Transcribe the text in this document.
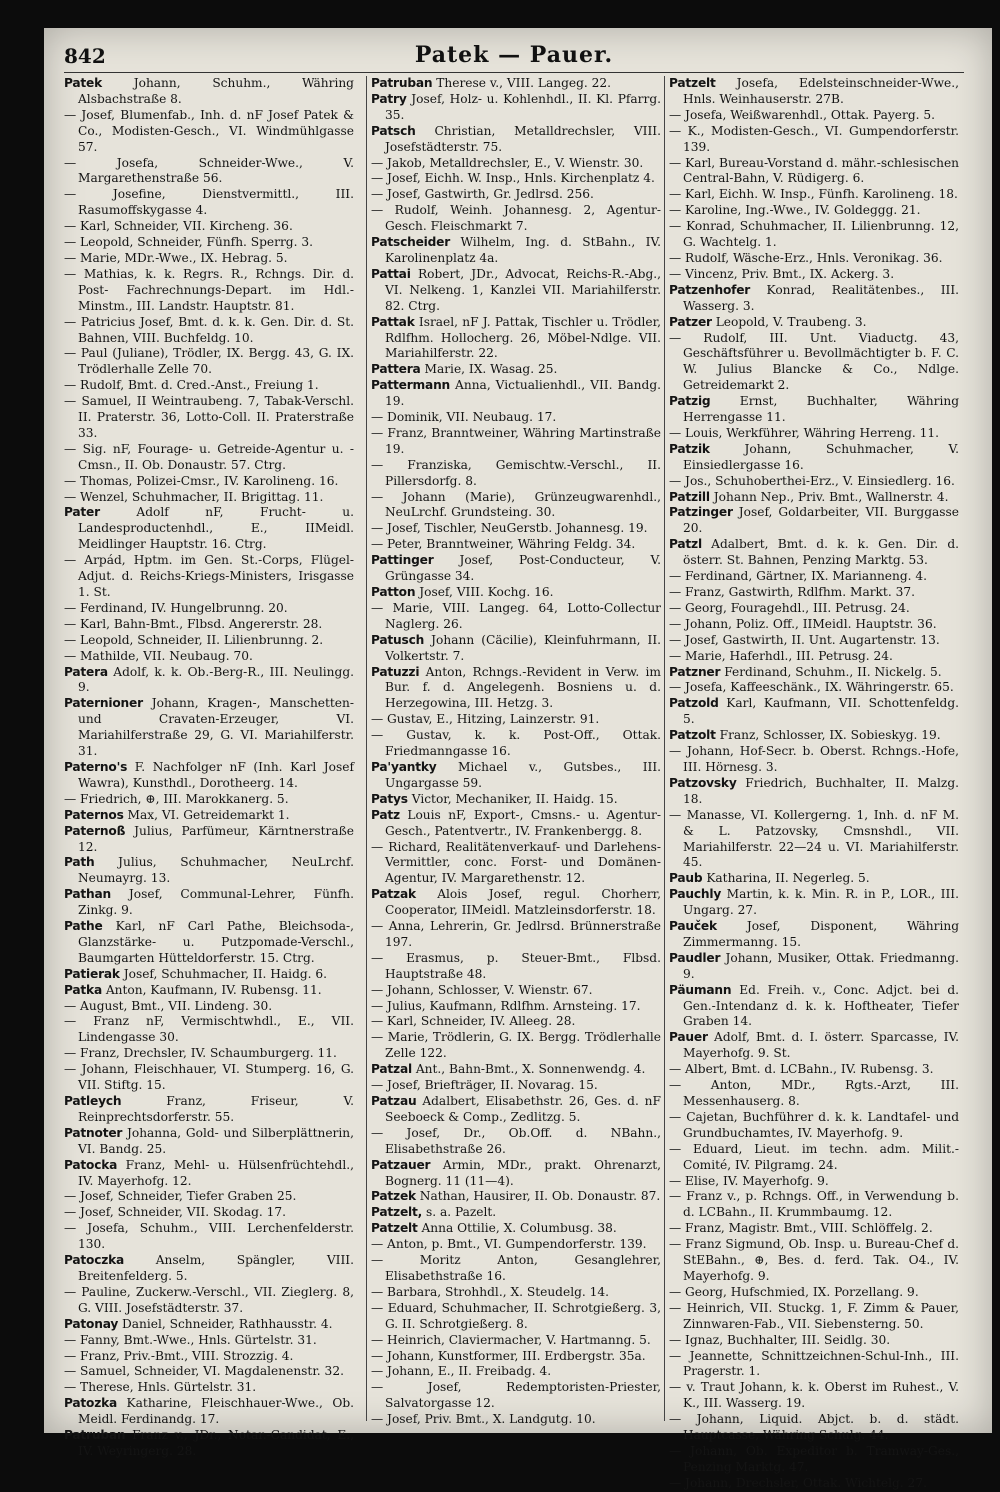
842	Patek — Pauer.

Patek	Johann, Schuhm., Währing Alsbachstraße 8.

— Josef, Blumenfab., Inh. d. nF Josef Patek & Co., Modisten-Gesch., VI. Windmühlgasse 57.

— Josefa, Schneider-Wwe., V. Margarethenstraße 56.

— Josefine, Dienstvermittl., III. Rasumoffskygasse 4.

— Karl, Schneider, VII. Kircheng. 36.

— Leopold, Schneider, Fünfh. Sperrg. 3.

— Marie, MDr.-Wwe., IX. Hebrag. 5.

— Mathias, k. k. Regrs. R., Rchngs. Dir. d. Post- Fachrechnungs-Depart. im Hdl.-Minstm., III. Landstr. Hauptstr. 81.

— Patricius Josef, Bmt. d. k. k. Gen. Dir. d. St. Bahnen, VIII. Buchfeldg. 10.

— Paul (Juliane), Trödler, IX. Bergg. 43, G. IX. Trödlerhalle Zelle 70.

— Rudolf, Bmt. d. Cred.-Anst., Freiung 1.

— Samuel, II Weintraubeng. 7, Tabak-Verschl. II. Praterstr. 36, Lotto-Coll. II. Praterstraße 33.

— Sig. nF, Fourage- u. Getreide-Agentur u. -Cmsn., II. Ob. Donaustr. 57. Ctrg.

— Thomas, Polizei-Cmsr., IV. Karolineng. 16.

— Wenzel, Schuhmacher, II. Brigittag. 11.

Pater	Adolf nF, Frucht- u. Landesproductenhdl., E., IIMeidl. Meidlinger Hauptstr. 16. Ctrg.

— Arpád, Hptm. im Gen. St.-Corps, Flügel-Adjut. d. Reichs-Kriegs-Ministers, Irisgasse 1. St.

— Ferdinand, IV. Hungelbrunng. 20.

— Karl, Bahn-Bmt., Flbsd. Angererstr. 28.

— Leopold, Schneider, II. Lilienbrunng. 2.

— Mathilde, VII. Neubaug. 70.

Patera Adolf, k. k. Ob.-Berg-R., III. Neulingg. 9.

Paternioner Johann, Kragen-, Manschetten- und Cravaten-Erzeuger, VI. Mariahilferstraße 29, G. VI. Mariahilferstr. 31.

Paterno's F. Nachfolger nF (Inh. Karl Josef Wawra), Kunsthdl., Dorotheerg. 14.

— Friedrich, ⊕, III. Marokkanerg. 5.

Paternos Max, VI. Getreidemarkt 1.

Paternoß Julius, Parfümeur, Kärntnerstraße 12.

Path Julius, Schuhmacher, NeuLrchf. Neumayrg. 13.

Pathan Josef, Communal-Lehrer, Fünfh. Zinkg. 9.

Pathe Karl, nF Carl Pathe, Bleichsoda-, Glanzstärke- u. Putzpomade-Verschl., Baumgarten Hütteldorferstr. 15. Ctrg.

Patierak Josef, Schuhmacher, II. Haidg. 6.

Patka Anton, Kaufmann, IV. Rubensg. 11.

— August, Bmt., VII. Lindeng. 30.

— Franz nF, Vermischtwhdl., E., VII. Lindengasse 30.

— Franz, Drechsler, IV. Schaumburgerg. 11.

— Johann, Fleischhauer, VI. Stumperg. 16, G. VII. Stiftg. 15.

Patleych	Franz, Friseur, V. Reinprechtsdorferstr. 55.

Patnoter Johanna, Gold- und Silberplättnerin, VI. Bandg. 25.

Patocka Franz, Mehl- u. Hülsenfrüchtehdl., IV. Mayerhofg. 12.

— Josef, Schneider, Tiefer Graben 25.

— Josef, Schneider, VII. Skodag. 17.

— Josefa, Schuhm., VIII. Lerchenfelderstr. 130.

Patoczka	Anselm, Spängler, VIII. Breitenfelderg. 5.

— Pauline, Zuckerw.-Verschl., VII. Zieglerg. 8, G. VIII. Josefstädterstr. 37.

Patonay Daniel, Schneider, Rathhausstr. 4.

— Fanny, Bmt.-Wwe., Hnls. Gürtelstr. 31.

— Franz, Priv.-Bmt., VIII. Strozzig. 4.

— Samuel, Schneider, VI. Magdalenenstr. 32.

— Therese, Hnls. Gürtelstr. 31.

Patozka Katharine, Fleischhauer-Wwe., Ob. Meidl. Ferdinandg. 17.

Patruban Franz v., JDr., Notar.-Candidat, E., IV. Weyringerg. 28.

Patruban Therese v., VIII. Langeg. 22.

Patry Josef, Holz- u. Kohlenhdl., II. Kl. Pfarrg. 35.

Patsch Christian, Metalldrechsler, VIII. Josefstädterstr. 75.

— Jakob, Metalldrechsler, E., V. Wienstr. 30.

— Josef, Eichh. W. Insp., Hnls. Kirchenplatz 4.

— Josef, Gastwirth, Gr. Jedlrsd. 256.

— Rudolf, Weinh. Johannesg. 2, Agentur-Gesch. Fleischmarkt 7.

Patscheider Wilhelm, Ing. d. StBahn., IV. Karolinenplatz 4a.

Pattai Robert, JDr., Advocat, Reichs-R.-Abg., VI. Nelkeng. 1, Kanzlei VII. Mariahilferstr. 82. Ctrg.

Pattak Israel, nF J. Pattak, Tischler u. Trödler, Rdlfhm. Hollocherg. 26, Möbel-Ndlge. VII. Mariahilferstr. 22.

Pattera Marie, IX. Wasag. 25.

Pattermann Anna, Victualienhdl., VII. Bandg. 19.

— Dominik, VII. Neubaug. 17.

— Franz, Branntweiner, Währing Martinstraße 19.

— Franziska, Gemischtw.-Verschl., II. Pillersdorfg. 8.

— Johann (Marie), Grünzeugwarenhdl., NeuLrchf. Grundsteing. 30.

— Josef, Tischler, NeuGerstb. Johannesg. 19.

— Peter, Branntweiner, Währing Feldg. 34.

Pattinger Josef, Post-Conducteur, V. Grüngasse 34.

Patton Josef, VIII. Kochg. 16.

— Marie, VIII. Langeg. 64, Lotto-Collectur Naglerg. 26.

Patusch Johann (Cäcilie), Kleinfuhrmann, II. Volkertstr. 7.

Patuzzi Anton, Rchngs.-Revident in Verw. im Bur. f. d. Angelegenh. Bosniens u. d. Herzegowina, III. Hetzg. 3.

— Gustav, E., Hitzing, Lainzerstr. 91.

— Gustav, k. k. Post-Off., Ottak. Friedmanngasse 16.

Pa'yantky Michael v., Gutsbes., III. Ungargasse 59.

Patys Victor, Mechaniker, II. Haidg. 15.

Patz Louis nF, Export-, Cmsns.- u. Agentur-Gesch., Patentvertr., IV. Frankenbergg. 8.

— Richard, Realitätenverkauf- und Darlehens-Vermittler, conc. Forst- und Domänen-Agentur, IV. Margarethenstr. 12.

Patzak Alois Josef, regul. Chorherr, Cooperator, IIMeidl. Matzleinsdorferstr. 18.

— Anna, Lehrerin, Gr. Jedlrsd. Brünnerstraße 197.

— Erasmus, p. Steuer-Bmt., Flbsd. Hauptstraße 48.

— Johann, Schlosser, V. Wienstr. 67.

— Julius, Kaufmann, Rdlfhm. Arnsteing. 17.

— Karl, Schneider, IV. Alleeg. 28.

— Marie, Trödlerin, G. IX. Bergg. Trödlerhalle Zelle 122.

Patzal Ant., Bahn-Bmt., X. Sonnenwendg. 4.

— Josef, Briefträger, II. Novarag. 15.

Patzau Adalbert, Elisabethstr. 26, Ges. d. nF Seeboeck & Comp., Zedlitzg. 5.

— Josef, Dr., Ob.Off. d. NBahn., Elisabethstraße 26.

Patzauer Armin, MDr., prakt. Ohrenarzt, Bognerg. 11 (11—4).

Patzek Nathan, Hausirer, II. Ob. Donaustr. 87.

Patzelt, s. a. Pazelt.

Patzelt Anna Ottilie, X. Columbusg. 38.

— Anton, p. Bmt., VI. Gumpendorferstr. 139.

— Moritz Anton, Gesanglehrer, Elisabethstraße 16.

— Barbara, Strohhdl., X. Steudelg. 14.

— Eduard, Schuhmacher, II. Schrotgießerg. 3, G. II. Schrotgießerg. 8.

— Heinrich, Claviermacher, V. Hartmanng. 5.

— Johann, Kunstformer, III. Erdbergstr. 35a.

— Johann, E., II. Freibadg. 4.

— Josef, Redemptoristen-Priester, Salvatorgasse 12.

— Josef, Priv. Bmt., X. Landgutg. 10.

Patzelt Josefa, Edelsteinschneider-Wwe., Hnls. Weinhauserstr. 27B.

— Josefa, Weißwarenhdl., Ottak. Payerg. 5.

— K., Modisten-Gesch., VI. Gumpendorferstr. 139.

— Karl, Bureau-Vorstand d. mähr.-schlesischen Central-Bahn, V. Rüdigerg. 6.

— Karl, Eichh. W. Insp., Fünfh. Karolineng. 18.

— Karoline, Ing.-Wwe., IV. Goldeggg. 21.

— Konrad, Schuhmacher, II. Lilienbrunng. 12, G. Wachtelg. 1.

— Rudolf, Wäsche-Erz., Hnls. Veronikag. 36.

— Vincenz, Priv. Bmt., IX. Ackerg. 3.

Patzenhofer Konrad, Realitätenbes., III. Wasserg. 3.

Patzer Leopold, V. Traubeng. 3.

— Rudolf, III. Unt. Viaductg. 43, Geschäftsführer u. Bevollmächtigter b. F. C. W. Julius Blancke & Co., Ndlge. Getreidemarkt 2.

Patzig Ernst, Buchhalter, Währing Herrengasse 11.

— Louis, Werkführer, Währing Herreng. 11.

Patzik	Johann, Schuhmacher, V. Einsiedlergasse 16.

— Jos., Schuhoberthei-Erz., V. Einsiedlerg. 16.

Patzill Johann Nep., Priv. Bmt., Wallnerstr. 4.

Patzinger Josef, Goldarbeiter, VII. Burggasse 20.

Patzl Adalbert, Bmt. d. k. k. Gen. Dir. d. österr. St. Bahnen, Penzing Marktg. 53.

— Ferdinand, Gärtner, IX. Marianneng. 4.

— Franz, Gastwirth, Rdlfhm. Markt. 37.

— Georg, Fouragehdl., III. Petrusg. 24.

— Johann, Poliz. Off., IIMeidl. Hauptstr. 36.

— Josef, Gastwirth, II. Unt. Augartenstr. 13.

— Marie, Haferhdl., III. Petrusg. 24.

Patzner Ferdinand, Schuhm., II. Nickelg. 5.

— Josefa, Kaffeeschänk., IX. Währingerstr. 65.

Patzold Karl, Kaufmann, VII. Schottenfeldg. 5.

Patzolt Franz, Schlosser, IX. Sobieskyg. 19.

— Johann, Hof-Secr. b. Oberst. Rchngs.-Hofe, III. Hörnesg. 3.

Patzovsky Friedrich, Buchhalter, II. Malzg. 18.

— Manasse, VI. Kollergerng. 1, Inh. d. nF M. & L. Patzovsky, Cmsnshdl., VII. Mariahilferstr. 22—24 u. VI. Mariahilferstr. 45.

Paub Katharina, II. Negerleg. 5.

Pauchly Martin, k. k. Min. R. in P., LOR., III. Ungarg. 27.

Pauček Josef, Disponent, Währing Zimmermanng. 15.

Paudler Johann, Musiker, Ottak. Friedmanng. 9.

Päumann Ed. Freih. v., Conc. Adjct. bei d. Gen.-Intendanz d. k. k. Hoftheater, Tiefer Graben 14.

Pauer Adolf, Bmt. d. I. österr. Sparcasse, IV. Mayerhofg. 9. St.

— Albert, Bmt. d. LCBahn., IV. Rubensg. 3.

— Anton, MDr., Rgts.-Arzt, III. Messenhauserg. 8.

— Cajetan, Buchführer d. k. k. Landtafel- und Grundbuchamtes, IV. Mayerhofg. 9.

— Eduard, Lieut. im techn. adm. Milit.-Comité, IV. Pilgramg. 24.

— Elise, IV. Mayerhofg. 9.

— Franz v., p. Rchngs. Off., in Verwendung b. d. LCBahn., II. Krummbaumg. 12.

— Franz, Magistr. Bmt., VIII. Schlöffelg. 2.

— Franz Sigmund, Ob. Insp. u. Bureau-Chef d. StEBahn., ⊕, Bes. d. ferd. Tak. O4., IV. Mayerhofg. 9.

— Georg, Hufschmied, IX. Porzellang. 9.

— Heinrich, VII. Stuckg. 1, F. Zimm & Pauer, Zinnwaren-Fab., VII. Siebensterng. 50.

— Ignaz, Buchhalter, III. Seidlg. 30.

— Jeannette, Schnittzeichnen-Schul-Inh., III. Pragerstr. 1.

— v. Traut Johann, k. k. Oberst im Ruhest., V. K., III. Wasserg. 19.

— Johann, Liquid. Abjct. b. d. städt. Hauptcasse, Währing Schulg. 44.

— Johann, Ob. Expeditor b. Tramway-Ges., Penzing Marktg. 47.

— Johann, Drechsler, Ottak. Wichtelg. 27.
